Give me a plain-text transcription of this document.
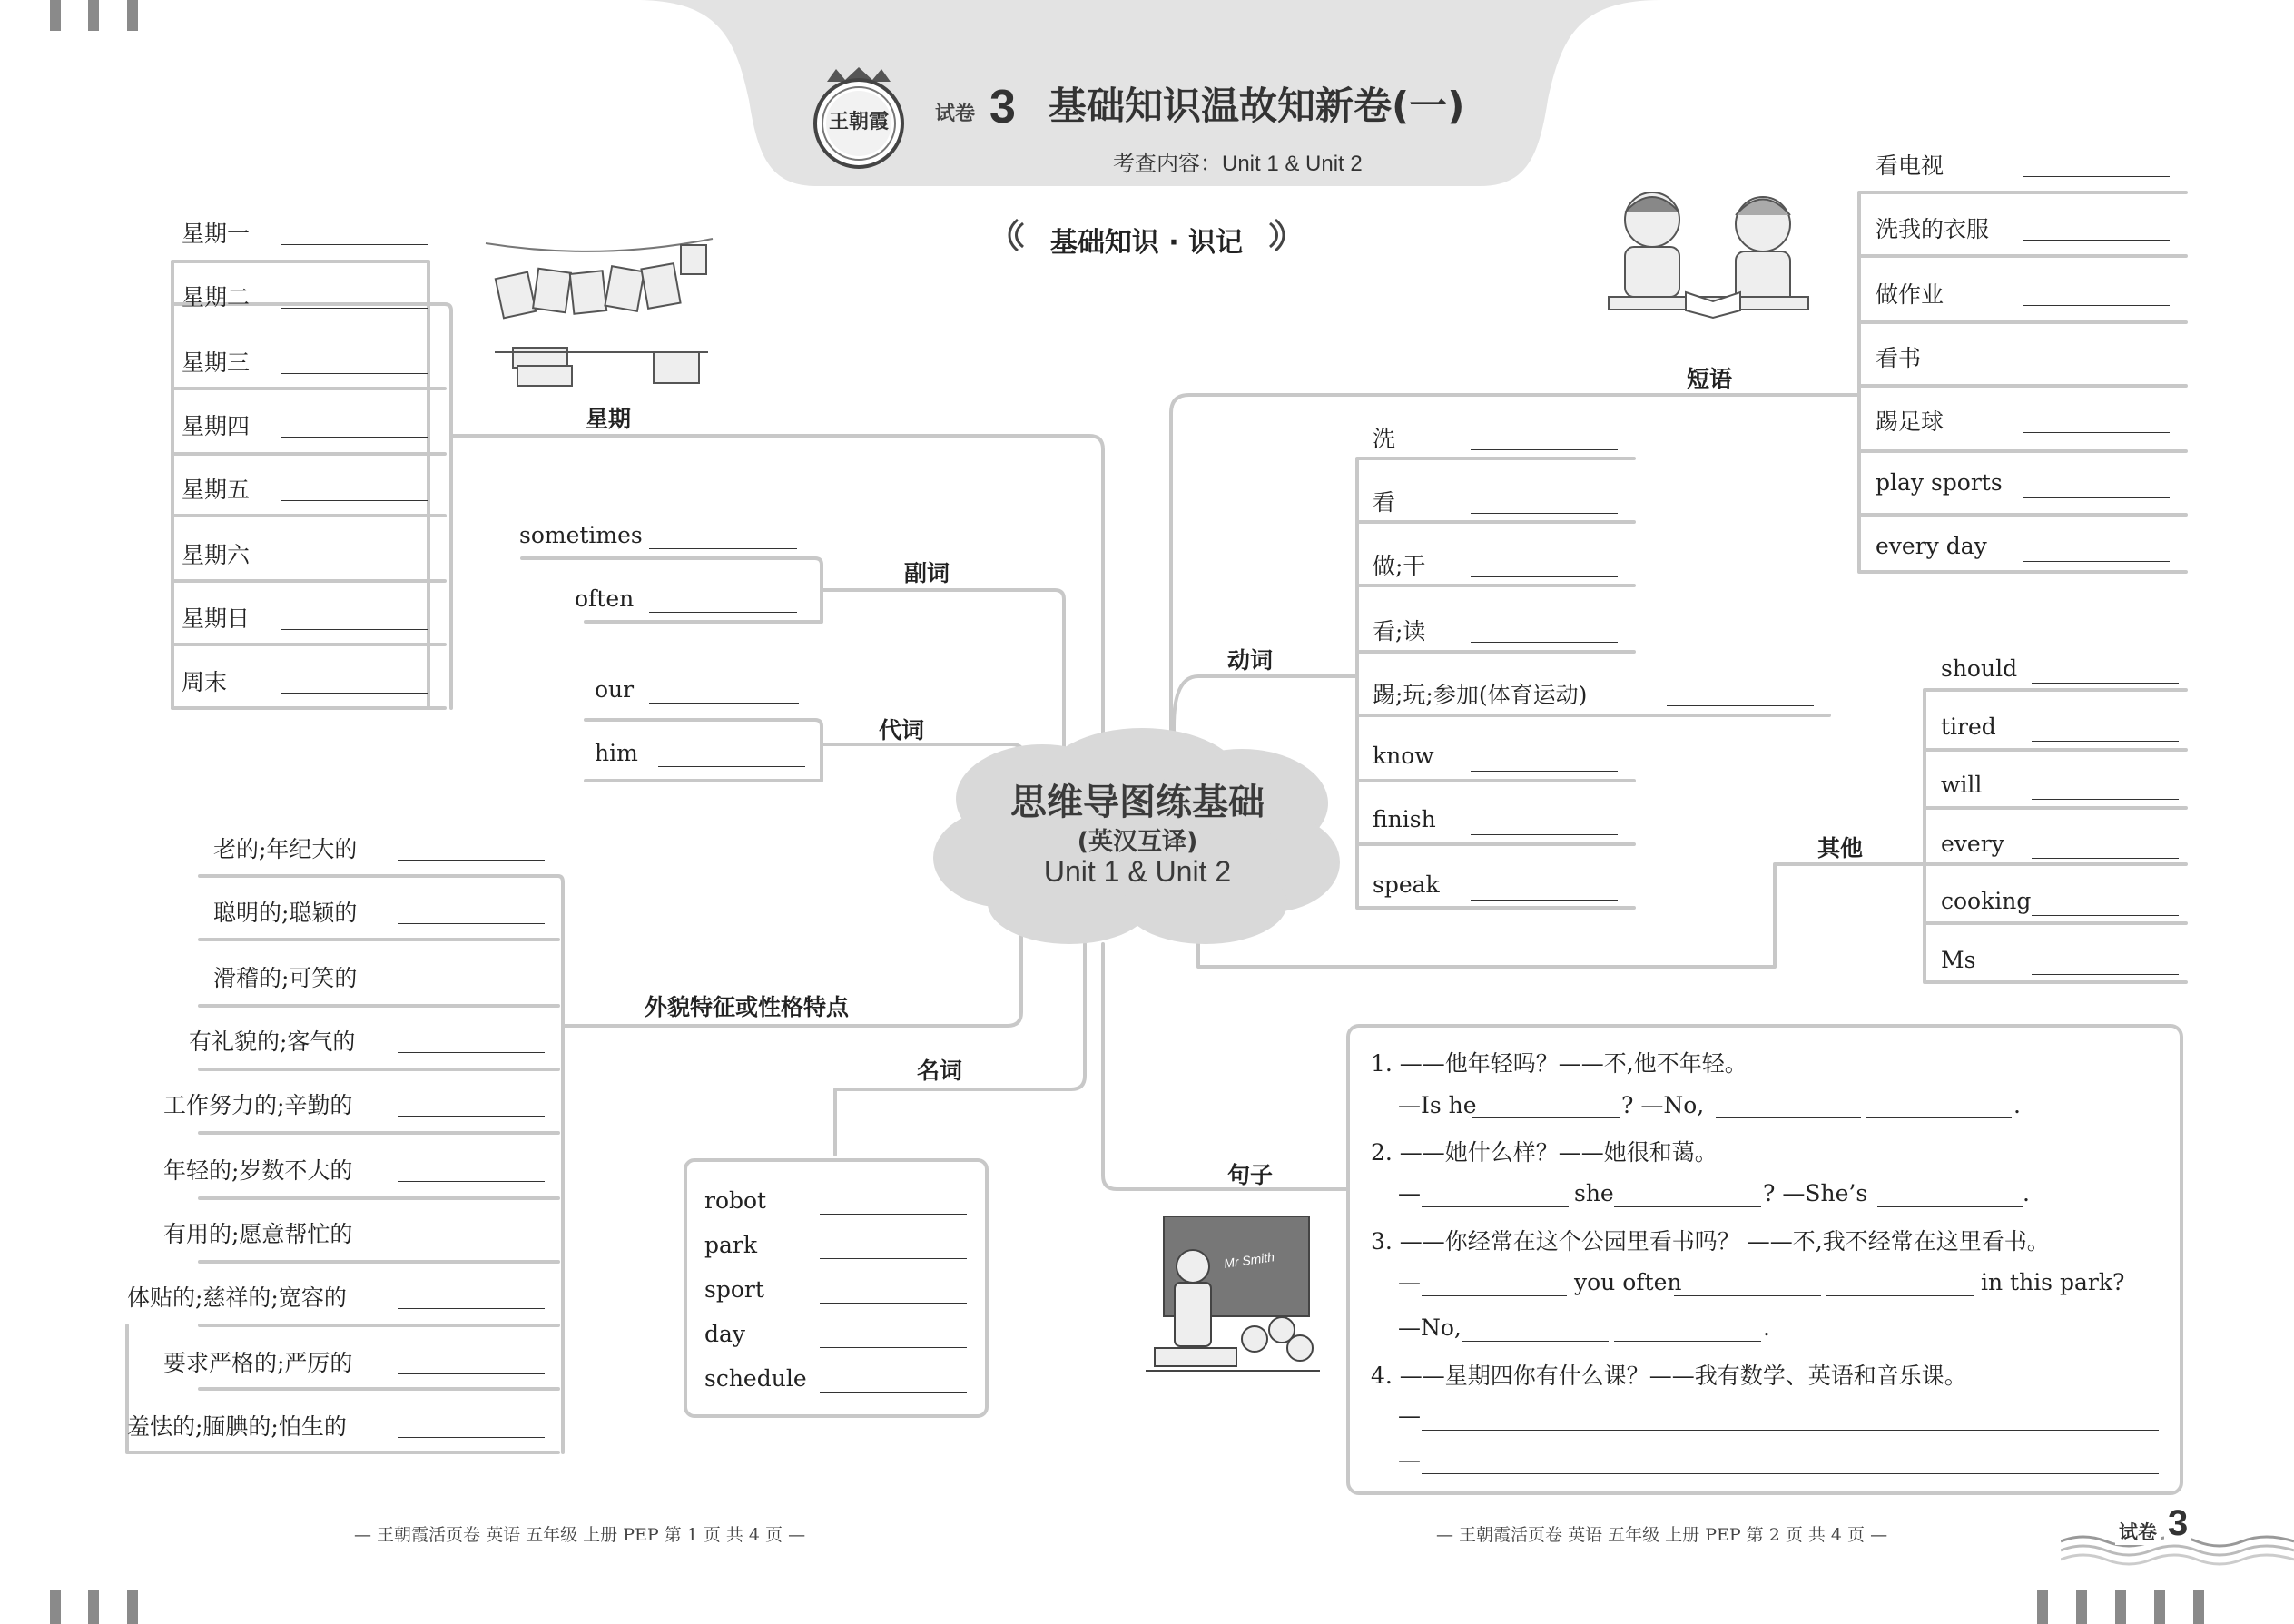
王朝霞 试卷 3 基础知识温故知新卷(一)
考查内容：Unit 1 & Unit 2
基础知识 · 识记
思维导图练基础
(英汉互译)
Unit 1 & Unit 2
Mr Smith
星期
副词
代词
外貌特征或性格特点
名词
句子
动词
短语
其他
星期一
星期二
星期三
星期四
星期五
星期六
星期日
周末
sometimes
often
our
him
老的;年纪大的
聪明的;聪颖的
滑稽的;可笑的
有礼貌的;客气的
工作努力的;辛勤的
年轻的;岁数不大的
有用的;愿意帮忙的
体贴的;慈祥的;宽容的
要求严格的;严厉的
羞怯的;腼腆的;怕生的
robot
park
sport
day
schedule
洗
看
做;干
看;读
踢;玩;参加(体育运动)
know
finish
speak
看电视
洗我的衣服
做作业
看书
踢足球
play sports
every day
should
tired
will
every
cooking
Ms
1. ——他年轻吗？——不,他不年轻。
—Is he	? —No,	.
2. ——她什么样？——她很和蔼。
—	she	? —She’s	.
3. ——你经常在这个公园里看书吗？ ——不,我不经常在这里看书。
—	you often	in this park?
—No,	.
4. ——星期四你有什么课？——我有数学、英语和音乐课。
—
—
— 王朝霞活页卷 英语 五年级 上册 PEP 第 1 页 共 4 页 —	— 王朝霞活页卷 英语 五年级 上册 PEP 第 2 页 共 4 页 —	试卷 3
